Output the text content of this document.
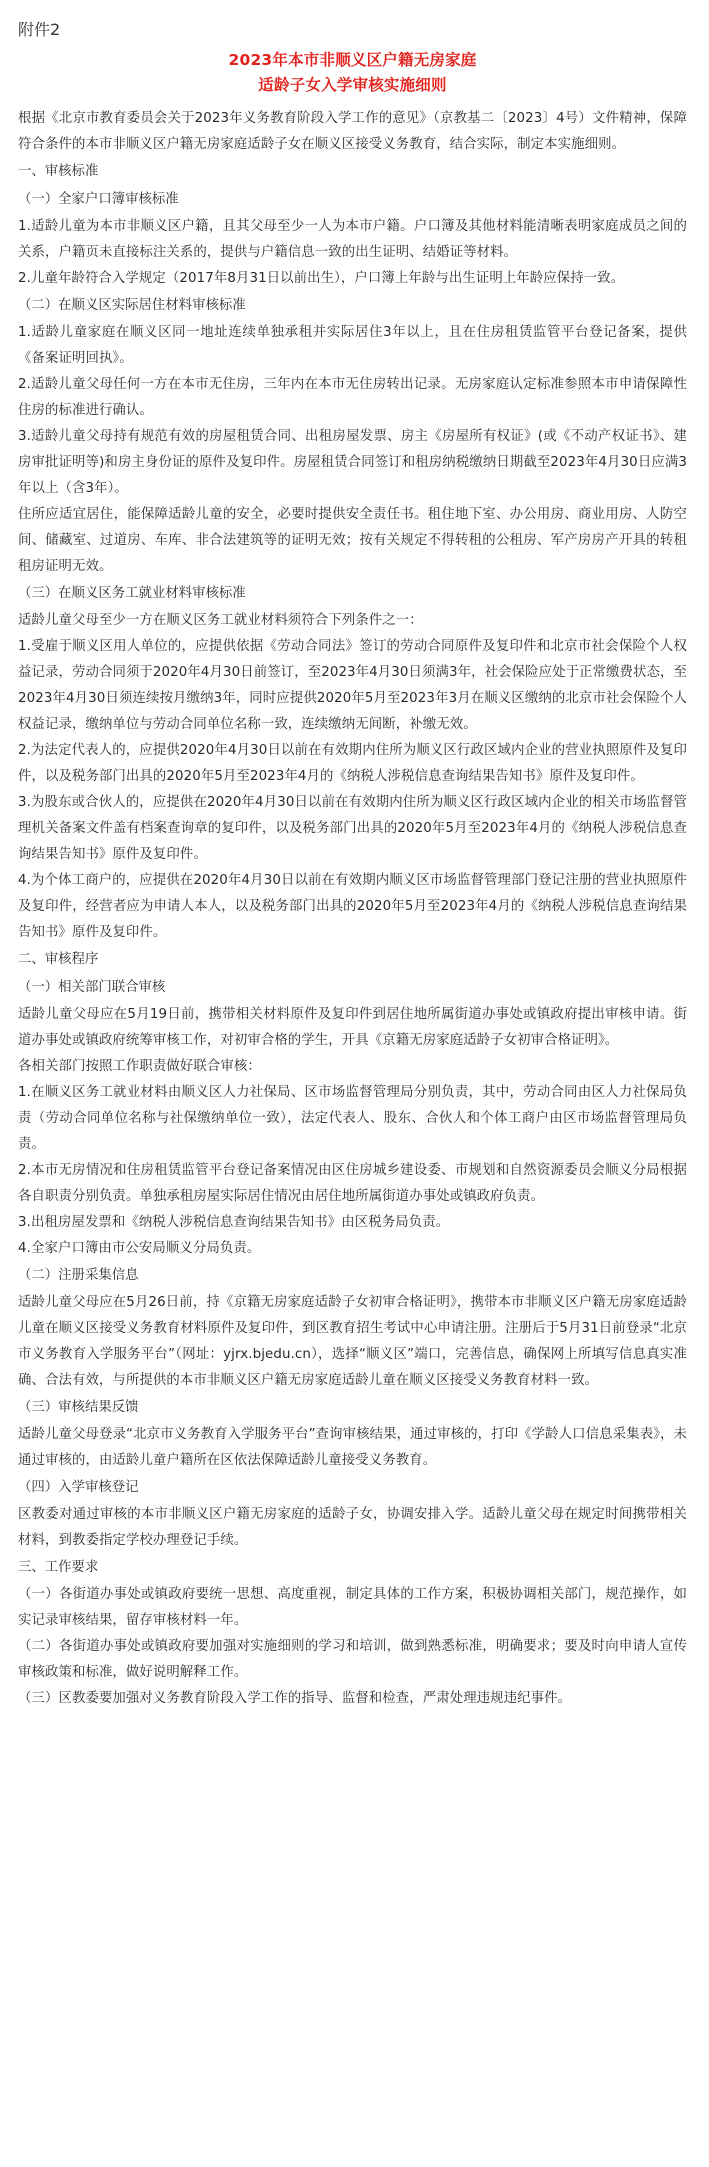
附件2
2023年本市非顺义区户籍无房家庭
适龄子女入学审核实施细则

根据《北京市教育委员会关于2023年义务教育阶段入学工作的意见》（京教基二〔2023〕4号）文件精神，保障符合条件的本市非顺义区户籍无房家庭适龄子女在顺义区接受义务教育，结合实际，制定本实施细则。

一、审核标准

（一）全家户口簿审核标准

1.适龄儿童为本市非顺义区户籍，且其父母至少一人为本市户籍。户口簿及其他材料能清晰表明家庭成员之间的关系，户籍页未直接标注关系的，提供与户籍信息一致的出生证明、结婚证等材料。

2.儿童年龄符合入学规定（2017年8月31日以前出生），户口簿上年龄与出生证明上年龄应保持一致。

（二）在顺义区实际居住材料审核标准

1.适龄儿童家庭在顺义区同一地址连续单独承租并实际居住3年以上，且在住房租赁监管平台登记备案，提供《备案证明回执》。

2.适龄儿童父母任何一方在本市无住房，三年内在本市无住房转出记录。无房家庭认定标准参照本市申请保障性住房的标准进行确认。

3.适龄儿童父母持有规范有效的房屋租赁合同、出租房屋发票、房主《房屋所有权证》(或《不动产权证书》、建房审批证明等)和房主身份证的原件及复印件。房屋租赁合同签订和租房纳税缴纳日期截至2023年4月30日应满3年以上（含3年）。

住所应适宜居住，能保障适龄儿童的安全，必要时提供安全责任书。租住地下室、办公用房、商业用房、人防空间、储藏室、过道房、车库、非合法建筑等的证明无效；按有关规定不得转租的公租房、军产房房产开具的转租租房证明无效。

（三）在顺义区务工就业材料审核标准

适龄儿童父母至少一方在顺义区务工就业材料须符合下列条件之一：

1.受雇于顺义区用人单位的，应提供依据《劳动合同法》签订的劳动合同原件及复印件和北京市社会保险个人权益记录，劳动合同须于2020年4月30日前签订，至2023年4月30日须满3年，社会保险应处于正常缴费状态，至2023年4月30日须连续按月缴纳3年，同时应提供2020年5月至2023年3月在顺义区缴纳的北京市社会保险个人权益记录，缴纳单位与劳动合同单位名称一致，连续缴纳无间断，补缴无效。

2.为法定代表人的，应提供2020年4月30日以前在有效期内住所为顺义区行政区域内企业的营业执照原件及复印件，以及税务部门出具的2020年5月至2023年4月的《纳税人涉税信息查询结果告知书》原件及复印件。

3.为股东或合伙人的，应提供在2020年4月30日以前在有效期内住所为顺义区行政区域内企业的相关市场监督管理机关备案文件盖有档案查询章的复印件，以及税务部门出具的2020年5月至2023年4月的《纳税人涉税信息查询结果告知书》原件及复印件。

4.为个体工商户的，应提供在2020年4月30日以前在有效期内顺义区市场监督管理部门登记注册的营业执照原件及复印件，经营者应为申请人本人，以及税务部门出具的2020年5月至2023年4月的《纳税人涉税信息查询结果告知书》原件及复印件。

二、审核程序

（一）相关部门联合审核

适龄儿童父母应在5月19日前，携带相关材料原件及复印件到居住地所属街道办事处或镇政府提出审核申请。街道办事处或镇政府统筹审核工作，对初审合格的学生，开具《京籍无房家庭适龄子女初审合格证明》。

各相关部门按照工作职责做好联合审核：

1.在顺义区务工就业材料由顺义区人力社保局、区市场监督管理局分别负责，其中，劳动合同由区人力社保局负责（劳动合同单位名称与社保缴纳单位一致），法定代表人、股东、合伙人和个体工商户由区市场监督管理局负责。

2.本市无房情况和住房租赁监管平台登记备案情况由区住房城乡建设委、市规划和自然资源委员会顺义分局根据各自职责分别负责。单独承租房屋实际居住情况由居住地所属街道办事处或镇政府负责。

3.出租房屋发票和《纳税人涉税信息查询结果告知书》由区税务局负责。

4.全家户口簿由市公安局顺义分局负责。

（二）注册采集信息

适龄儿童父母应在5月26日前，持《京籍无房家庭适龄子女初审合格证明》，携带本市非顺义区户籍无房家庭适龄儿童在顺义区接受义务教育材料原件及复印件，到区教育招生考试中心申请注册。注册后于5月31日前登录“北京市义务教育入学服务平台”（网址：yjrx.bjedu.cn），选择“顺义区”端口，完善信息，确保网上所填写信息真实准确、合法有效，与所提供的本市非顺义区户籍无房家庭适龄儿童在顺义区接受义务教育材料一致。

（三）审核结果反馈

适龄儿童父母登录“北京市义务教育入学服务平台”查询审核结果，通过审核的，打印《学龄人口信息采集表》，未通过审核的，由适龄儿童户籍所在区依法保障适龄儿童接受义务教育。

（四）入学审核登记

区教委对通过审核的本市非顺义区户籍无房家庭的适龄子女，协调安排入学。适龄儿童父母在规定时间携带相关材料，到教委指定学校办理登记手续。

三、工作要求

（一）各街道办事处或镇政府要统一思想、高度重视，制定具体的工作方案，积极协调相关部门，规范操作，如实记录审核结果，留存审核材料一年。

（二）各街道办事处或镇政府要加强对实施细则的学习和培训，做到熟悉标准，明确要求；要及时向申请人宣传审核政策和标准，做好说明解释工作。

（三）区教委要加强对义务教育阶段入学工作的指导、监督和检查，严肃处理违规违纪事件。
